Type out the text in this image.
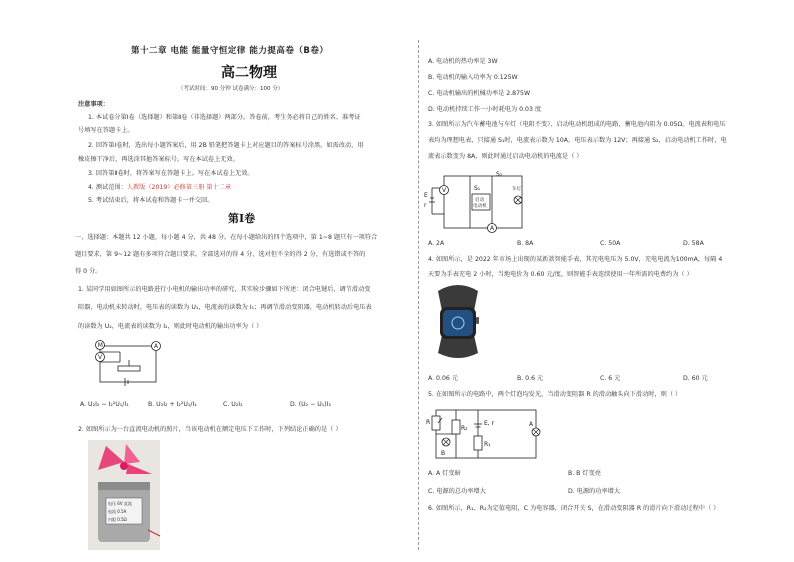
第十二章 电能 能量守恒定律 能力提高卷（B卷）
高二物理
（考试时间：90 分钟 试卷满分：100 分）
注意事项：
1. 本试卷分第Ⅰ卷（选择题）和第Ⅱ卷（非选择题）两部分。答卷前，考生务必将自己的姓名、准考证
号填写在答题卡上。
2. 回答第Ⅰ卷时，选出每小题答案后，用 2B 铅笔把答题卡上对应题目的答案标号涂黑。如需改动，用
橡皮擦干净后，再选涂其他答案标号。写在本试卷上无效。
3. 回答第Ⅱ卷时，将答案写在答题卡上。写在本试卷上无效。
4. 测试范围：人教版（2019）必修第三册 第十二章
5. 考试结束后，将本试卷和答题卡一并交回。
第Ⅰ卷
一、选择题：本题共 12 小题，每小题 4 分，共 48 分。在每小题给出的四个选项中，第 1~8 题只有一项符合
题目要求，第 9~12 题有多项符合题目要求。全部选对的得 4 分，选对但不全的得 2 分，有选错或不答的
得 0 分。
1. 某同学用如图所示的电路进行小电机的输出功率的研究，其实验步骤如下所述：闭合电键后，调节滑动变
阻器，电动机未转动时，电压表的读数为 U₁，电流表的读数为 I₁；再调节滑动变阻器，电动机转动后电压表
的读数为 U₂，电流表的读数为 I₂，则此时电动机的输出功率为（ ）
M
V
A
A. U₂I₂ − I₂²U₁/I₁	B. U₂I₂ + I₂²U₁/I₁	C. U₂I₂	D. (U₂ − U₁)I₂
2. 如图所示为一台直流电动机的照片，当该电动机在额定电压下工作时，下列结论正确的是（ ）
电压 6V 直流
电流 0.5A
内阻 0.5Ω
A. 电动机的热功率是 3W
B. 电动机的输入功率为 0.125W
C. 电动机输出的机械功率是 2.875W
D. 电动机持续工作一小时耗电为 0.03 度
3. 如图所示为汽车蓄电池与车灯（电阻不变）、启动电动机组成的电路，蓄电池内阻为 0.05Ω。电流表和电压
表均为理想电表，只接通 S₁时，电流表示数为 10A，电压表示数为 12V；再接通 S₂，启动电动机工作时，电
流表示数变为 8A，则此时通过启动电动机的电流是（ ）
E
r
V
启动
电动机
S₁
S₂
车灯
A
A. 2A	B. 8A	C. 50A	D. 58A
4. 如图所示，是 2022 年市场上出现的某新款智能手表，其充电电压为 5.0V，充电电流为100mA，每隔 4
天要为手表充电 2 小时，当地电价为 0.60 元/度，则智能手表连续使用一年所需的电费约为（ ）
A. 0.06 元	B. 0.6 元	C. 6 元	D. 60 元
5. 在如图所示的电路中，两个灯泡均发光，当滑动变阻器 R 的滑动触头向下滑动时，则（ ）
R
B
R₂
E, r
R₁
A
A. A 灯变暗	B. B 灯变亮
C. 电源的总功率增大	D. 电源的功率增大
6. 如图所示，R₁、R₂为定值电阻，C 为电容器，闭合开关 S，在滑动变阻器 R 的滑片向下滑动过程中（ ）
